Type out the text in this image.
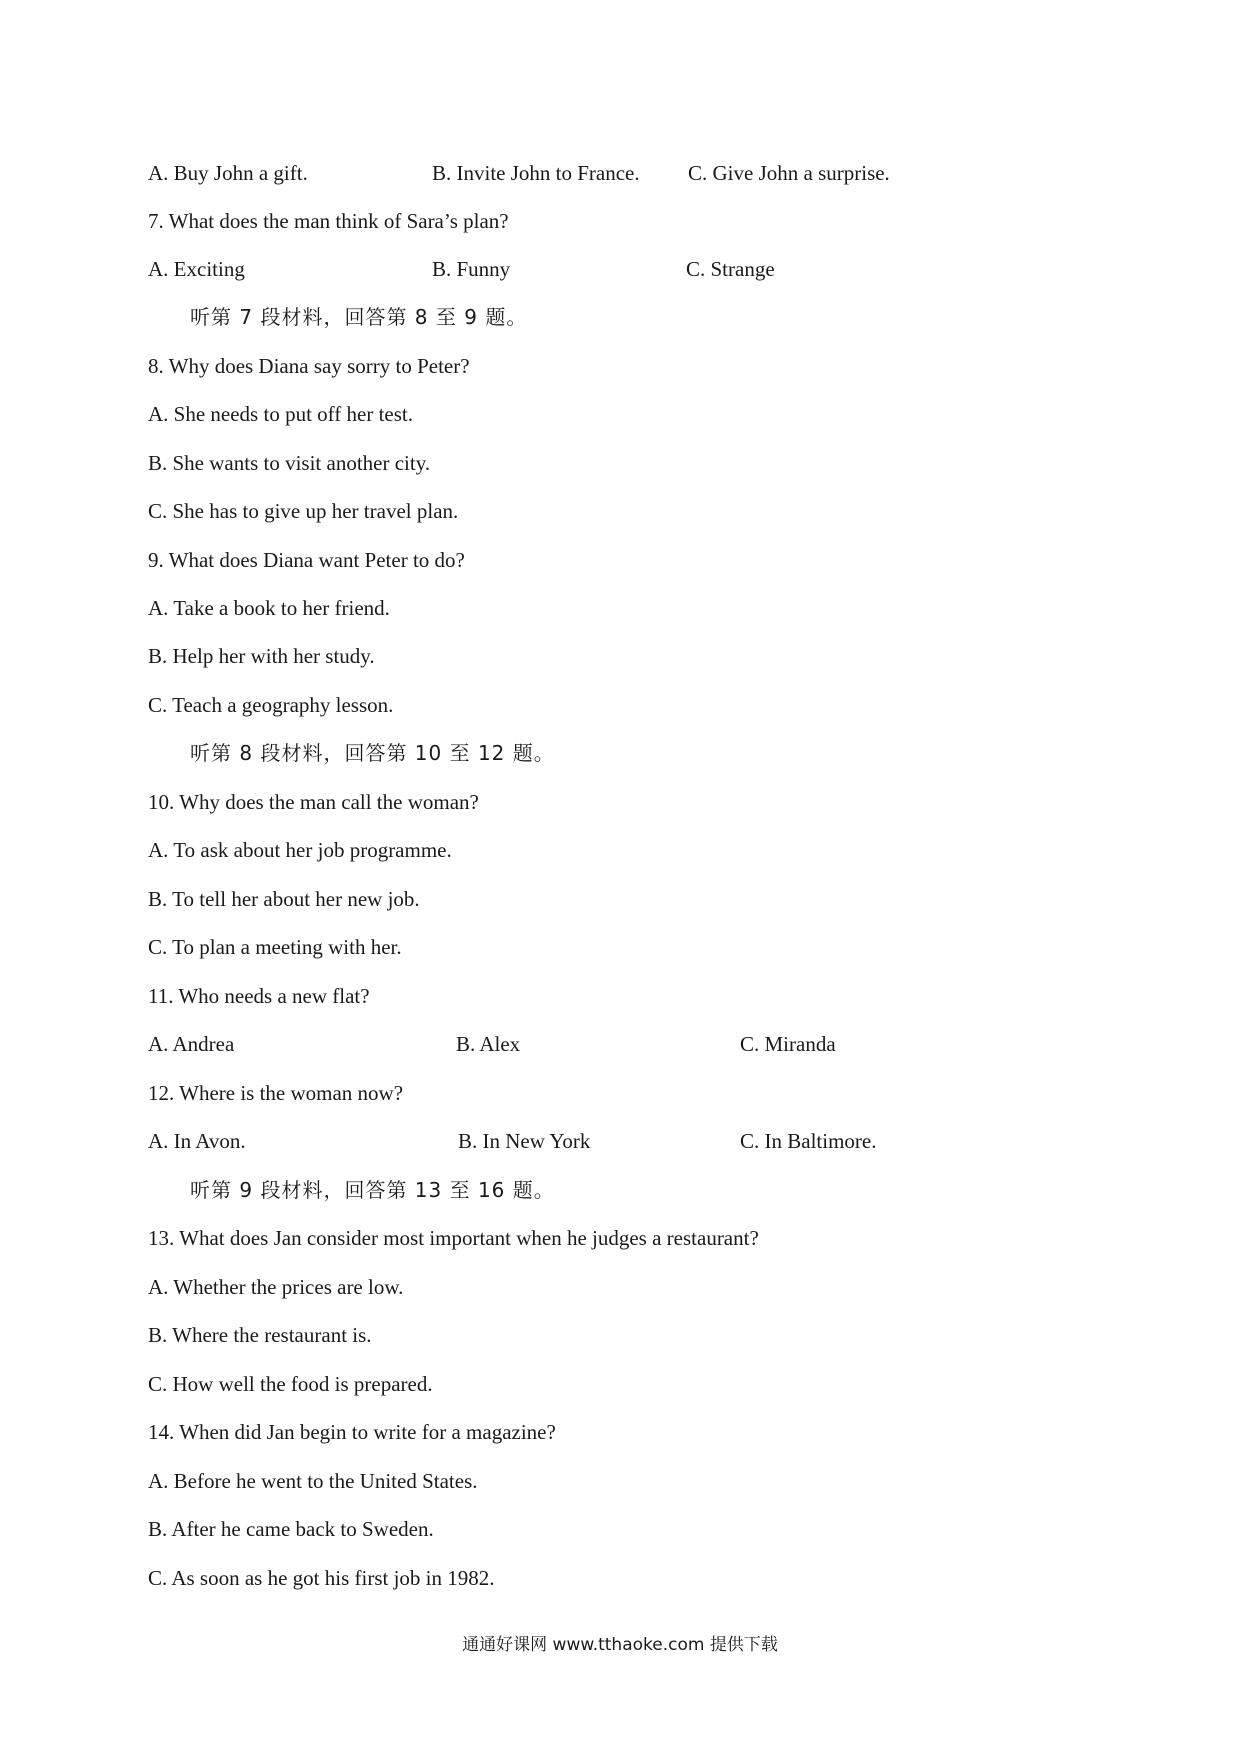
A. Buy John a gift.	B. Invite John to France. C. Give John a surprise.
7. What does the man think of Sara’s plan?
A. Exciting	B. Funny	C. Strange
听第 7 段材料，回答第 8 至 9 题。
8. Why does Diana say sorry to Peter?
A. She needs to put off her test.
B. She wants to visit another city.
C. She has to give up her travel plan.
9. What does Diana want Peter to do?
A. Take a book to her friend.
B. Help her with her study.
C. Teach a geography lesson.
听第 8 段材料，回答第 10 至 12 题。
10. Why does the man call the woman?
A. To ask about her job programme.
B. To tell her about her new job.
C. To plan a meeting with her.
11. Who needs a new flat?
A. Andrea	B. Alex	C. Miranda
12. Where is the woman now?
A. In Avon.	B. In New York	C. In Baltimore.
听第 9 段材料，回答第 13 至 16 题。
13. What does Jan consider most important when he judges a restaurant?
A. Whether the prices are low.
B. Where the restaurant is.
C. How well the food is prepared.
14. When did Jan begin to write for a magazine?
A. Before he went to the United States.
B. After he came back to Sweden.
C. As soon as he got his first job in 1982.
通通好课网 www.tthaoke.com 提供下载
